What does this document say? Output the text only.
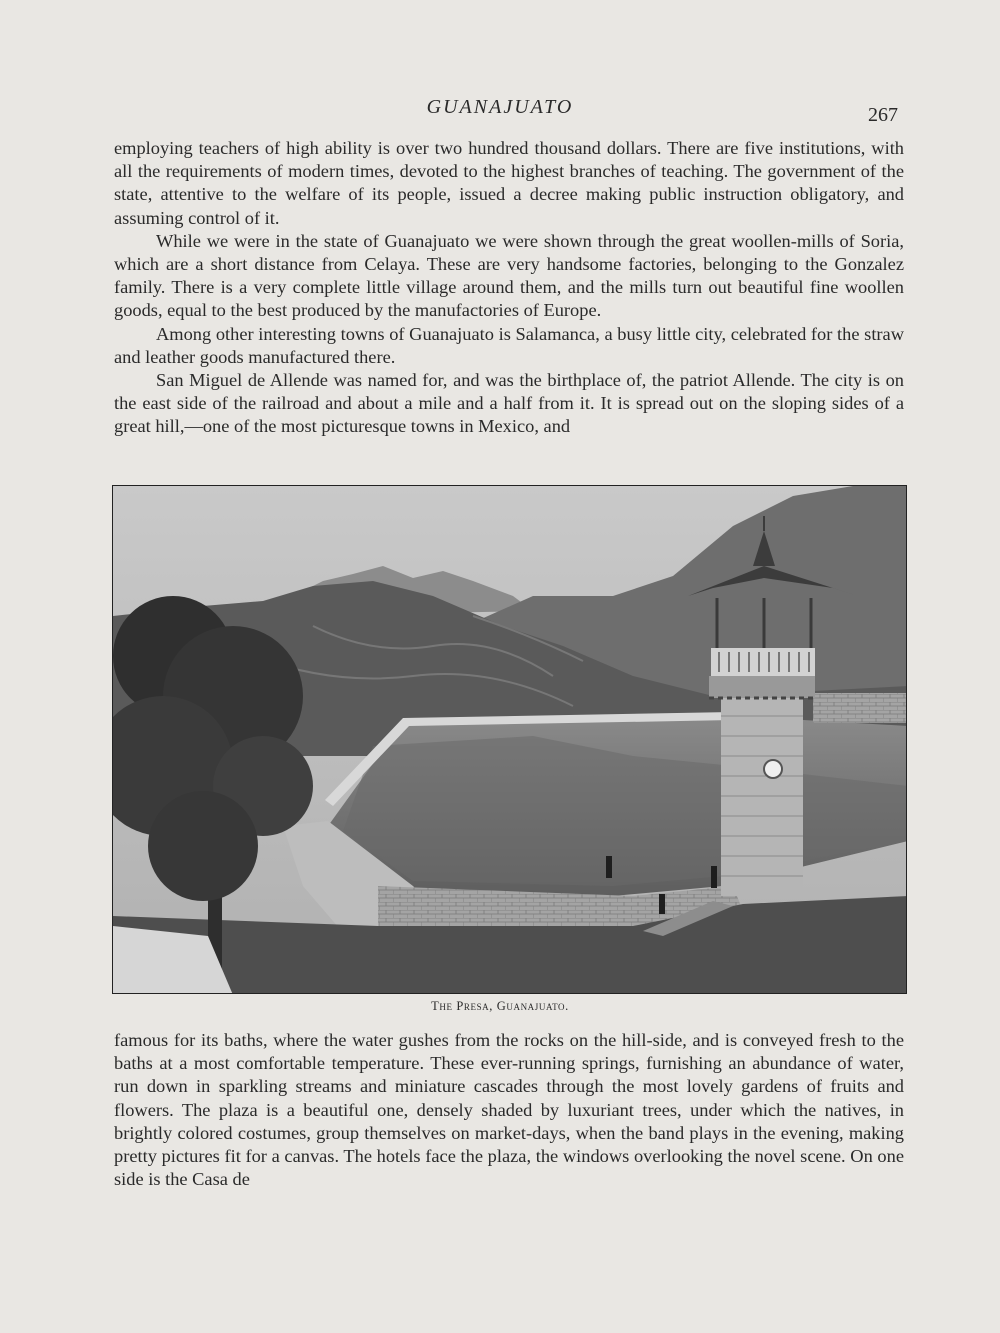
GUANAJUATO	267

employing teachers of high ability is over two hundred thousand dollars. There are five institutions, with all the requirements of modern times, devoted to the highest branches of teaching. The government of the state, attentive to the welfare of its people, issued a decree making public instruction obligatory, and assuming control of it.

While we were in the state of Guanajuato we were shown through the great woollen-mills of Soria, which are a short distance from Celaya. These are very handsome factories, belonging to the Gonzalez family. There is a very complete little village around them, and the mills turn out beautiful fine woollen goods, equal to the best produced by the manufactories of Europe.

Among other interesting towns of Guanajuato is Salamanca, a busy little city, celebrated for the straw and leather goods manufactured there.

San Miguel de Allende was named for, and was the birthplace of, the patriot Allende. The city is on the east side of the railroad and about a mile and a half from it. It is spread out on the sloping sides of a great hill,—one of the most picturesque towns in Mexico, and

The Presa, Guanajuato.

famous for its baths, where the water gushes from the rocks on the hill-side, and is conveyed fresh to the baths at a most comfortable temperature. These ever-running springs, furnishing an abundance of water, run down in sparkling streams and miniature cascades through the most lovely gardens of fruits and flowers. The plaza is a beautiful one, densely shaded by luxuriant trees, under which the natives, in brightly colored costumes, group themselves on market-days, when the band plays in the evening, making pretty pictures fit for a canvas. The hotels face the plaza, the windows overlooking the novel scene. On one side is the Casa de
